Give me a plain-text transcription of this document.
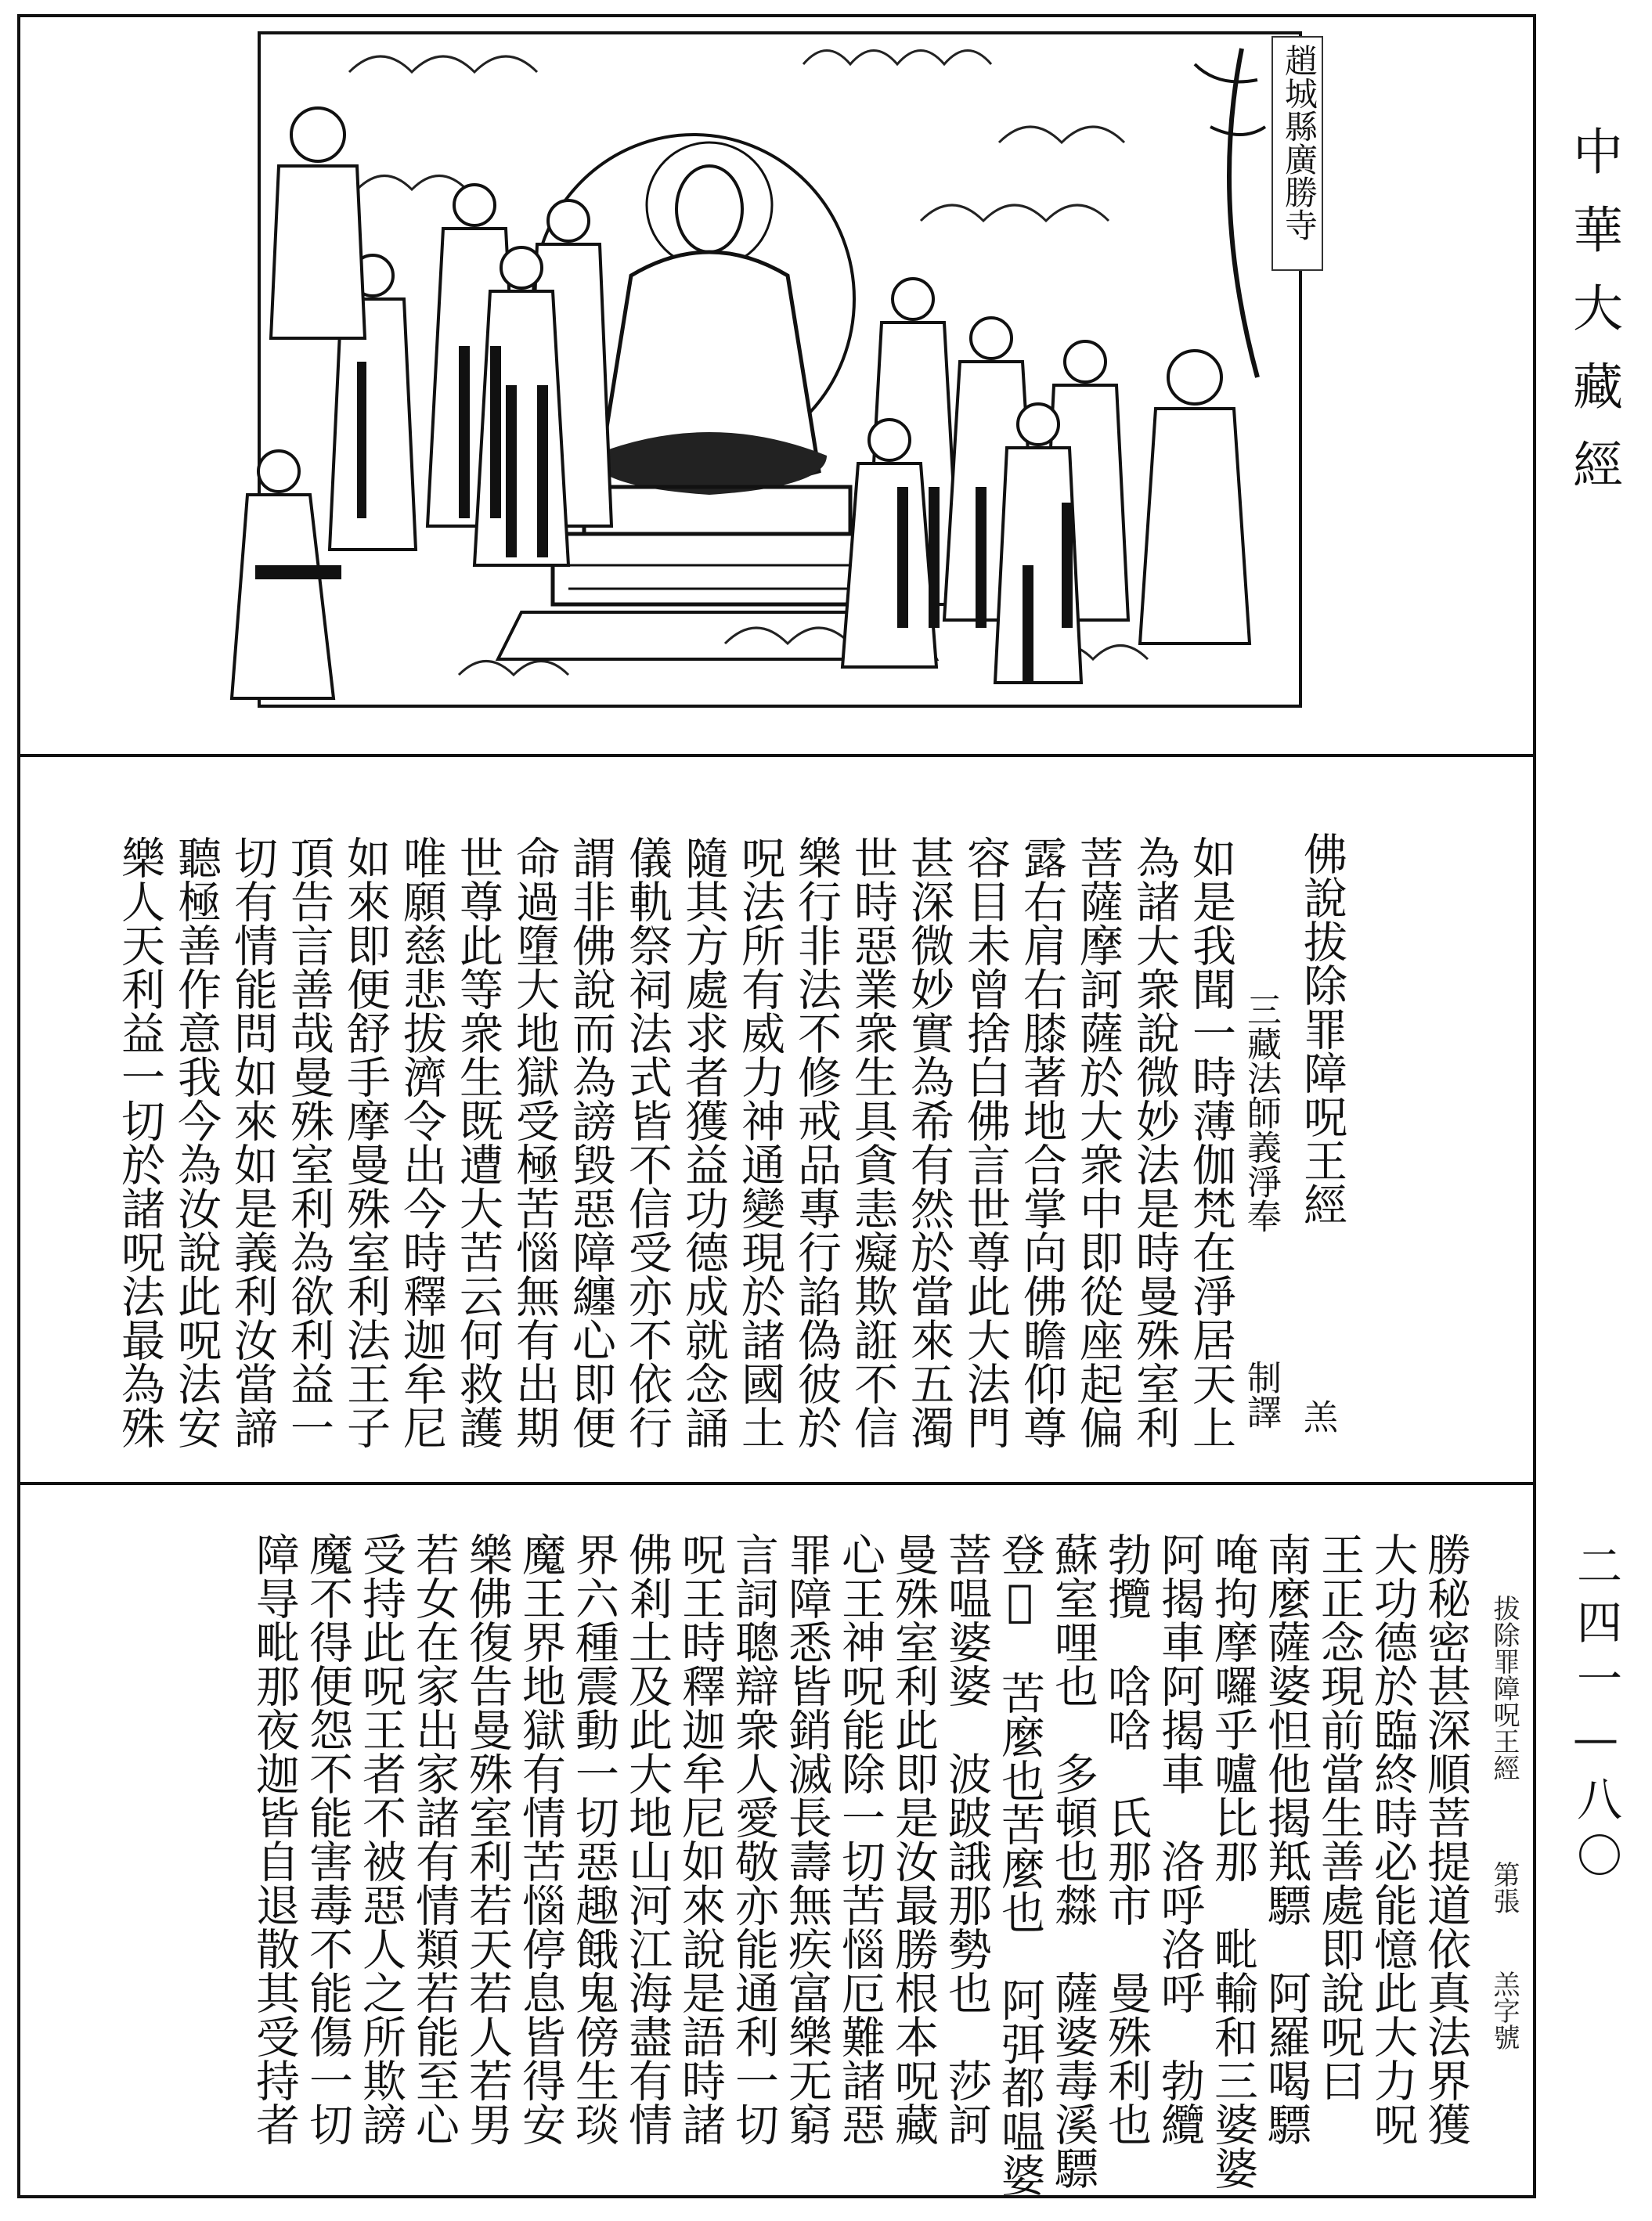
趙城縣廣勝寺
佛說拔除罪障呪王經
三藏法師義淨奉
制譯 羔
如是我聞一時薄伽梵在淨居天上
為諸大衆說微妙法是時曼殊室利
菩薩摩訶薩於大衆中即從座起偏
露右肩右膝著地合掌向佛瞻仰尊
容目未曾捨白佛言世尊此大法門
甚深微妙實為希有然於當來五濁
世時惡業衆生具貪恚癡欺誑不信
樂行非法不修戒品專行諂偽彼於
呪法所有威力神通變現於諸國土
隨其方處求者獲益功德成就念誦
儀軌祭祠法式皆不信受亦不依行
謂非佛說而為謗毀惡障纏心即便
命過墮大地獄受極苦惱無有出期
世尊此等衆生既遭大苦云何救護
唯願慈悲拔濟令出今時釋迦牟尼
如來即便舒手摩曼殊室利法王子
頂告言善哉曼殊室利為欲利益一
切有情能問如來如是義利汝當諦
聽極善作意我今為汝說此呪法安
樂人天利益一切於諸呪法最為殊
勝秘密甚深順菩提道依真法界獲
大功德於臨終時必能憶此大力呪
王正念現前當生善處即說呪曰
南麼薩婆怛他揭羝驃　阿羅喝驃
唵拘摩囉乎嚧比那　毗輸和三婆婆
阿揭車阿揭車　洛呼洛呼　勃纜
勃攬　唅唅　氏那市　曼殊利也
蘇室哩也　多頓也㵘　薩婆毒溪驃
登𤼵　苦麼也苦麼也　阿弭都嗢婆
菩嗢婆婆　波跛誐那勢也　莎訶
曼殊室利此即是汝最勝根本呪藏
心王神呪能除一切苦惱厄難諸惡
罪障悉皆銷滅長壽無疾富樂无窮
言詞聰辯衆人愛敬亦能通利一切
呪王時釋迦牟尼如來說是語時諸
佛剎土及此大地山河江海盡有情
界六種震動一切惡趣餓鬼傍生琰
魔王界地獄有情苦惱停息皆得安
樂佛復告曼殊室利若天若人若男
若女在家出家諸有情類若能至心
受持此呪王者不被惡人之所欺謗
魔不得便怨不能害毒不能傷一切
障㝵毗那夜迦皆自退散其受持者	拔除罪障呪王經
第張
羔字號
中華大藏經
二四一—八〇
